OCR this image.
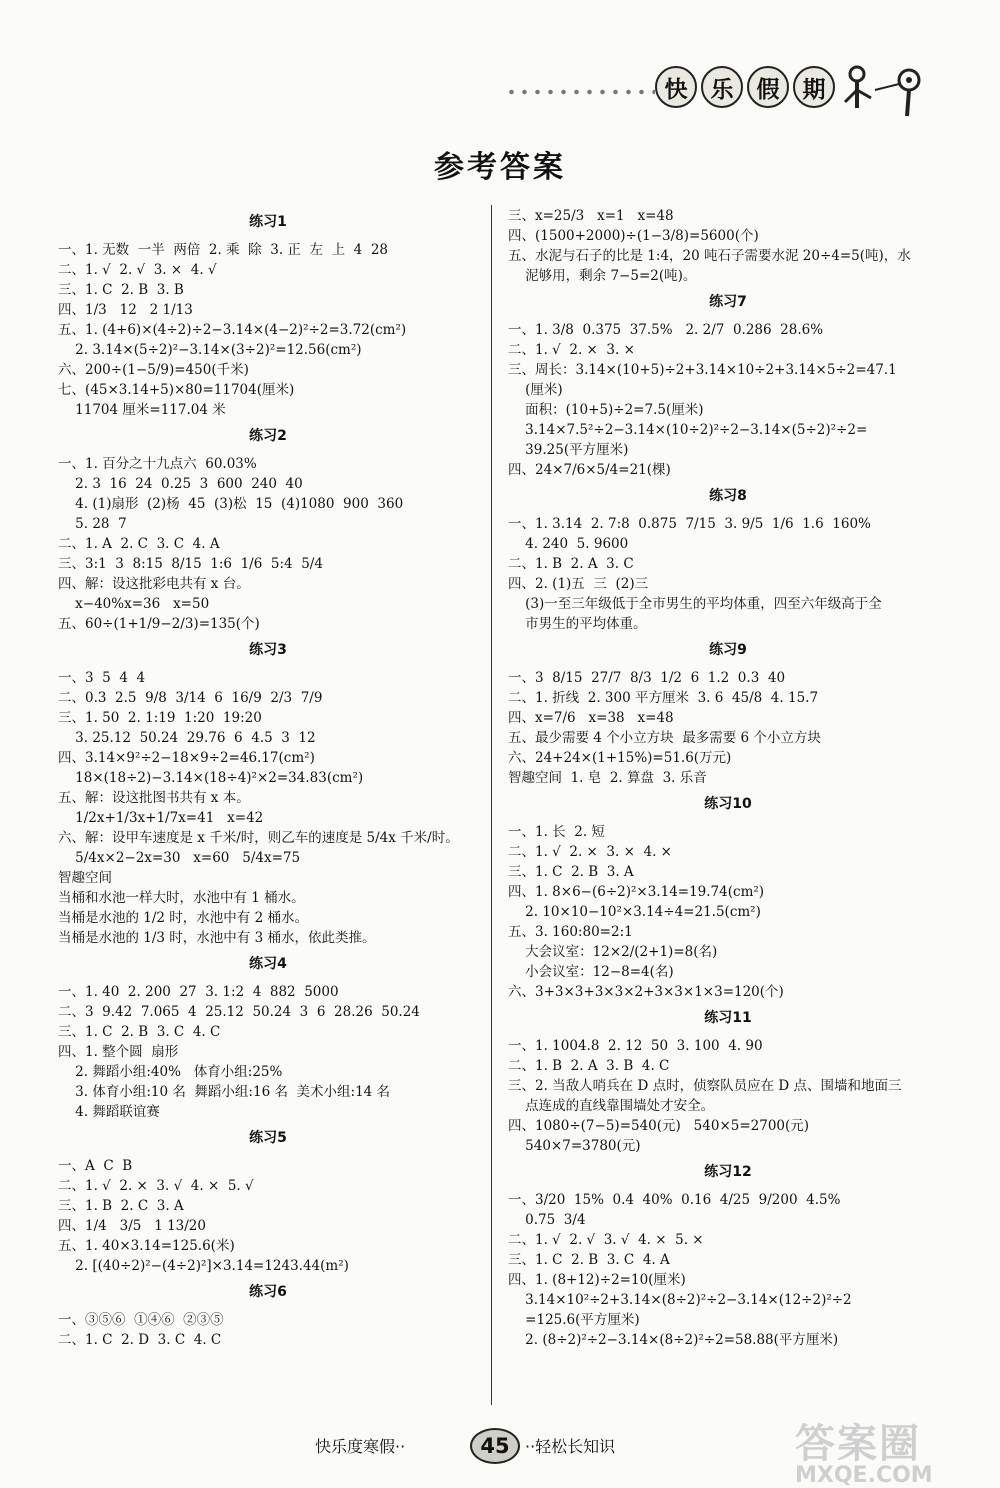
快	乐	假	期
参考答案
练习1
一、1. 无数  一半  两倍  2. 乘  除  3. 正  左  上  4  28
二、1. √  2. √  3. ×  4. √
三、1. C  2. B  3. B
四、1/3   12   2 1/13
五、1. (4+6)×(4÷2)÷2−3.14×(4−2)²÷2=3.72(cm²)
2. 3.14×(5÷2)²−3.14×(3÷2)²=12.56(cm²)
六、200÷(1−5/9)=450(千米)
七、(45×3.14+5)×80=11704(厘米)
11704 厘米=117.04 米
练习2
一、1. 百分之十九点六  60.03%
2. 3  16  24  0.25  3  600  240  40
4. (1)扇形  (2)杨  45  (3)松  15  (4)1080  900  360
5. 28  7
二、1. A  2. C  3. C  4. A
三、3:1  3  8:15  8/15  1:6  1/6  5:4  5/4
四、解：设这批彩电共有 x 台。
x−40%x=36   x=50
五、60÷(1+1/9−2/3)=135(个)
练习3
一、3  5  4  4
二、0.3  2.5  9/8  3/14  6  16/9  2/3  7/9
三、1. 50  2. 1:19  1:20  19:20
3. 25.12  50.24  29.76  6  4.5  3  12
四、3.14×9²÷2−18×9÷2=46.17(cm²)
18×(18÷2)−3.14×(18÷4)²×2=34.83(cm²)
五、解：设这批图书共有 x 本。
1/2x+1/3x+1/7x=41   x=42
六、解：设甲车速度是 x 千米/时，则乙车的速度是 5/4x 千米/时。
5/4x×2−2x=30   x=60   5/4x=75
智趣空间
当桶和水池一样大时，水池中有 1 桶水。
当桶是水池的 1/2 时，水池中有 2 桶水。
当桶是水池的 1/3 时，水池中有 3 桶水，依此类推。
练习4
一、1. 40  2. 200  27  3. 1:2  4  882  5000
二、3  9.42  7.065  4  25.12  50.24  3  6  28.26  50.24
三、1. C  2. B  3. C  4. C
四、1. 整个圆  扇形
2. 舞蹈小组:40%   体育小组:25%
3. 体育小组:10 名  舞蹈小组:16 名  美术小组:14 名
4. 舞蹈联谊赛
练习5
一、A  C  B
二、1. √  2. ×  3. √  4. ×  5. √
三、1. B  2. C  3. A
四、1/4   3/5   1 13/20
五、1. 40×3.14=125.6(米)
2. [(40÷2)²−(4÷2)²]×3.14=1243.44(m²)
练习6
一、③⑤⑥  ①④⑥  ②③⑤
二、1. C  2. D  3. C  4. C
三、x=25/3   x=1   x=48
四、(1500+2000)÷(1−3/8)=5600(个)
五、水泥与石子的比是 1:4，20 吨石子需要水泥 20÷4=5(吨)，水
泥够用，剩余 7−5=2(吨)。
练习7
一、1. 3/8  0.375  37.5%   2. 2/7  0.286  28.6%
二、1. √  2. ×  3. ×
三、周长：3.14×(10+5)÷2+3.14×10÷2+3.14×5÷2=47.1
(厘米)
面积：(10+5)÷2=7.5(厘米)
3.14×7.5²÷2−3.14×(10÷2)²÷2−3.14×(5÷2)²÷2=
39.25(平方厘米)
四、24×7/6×5/4=21(棵)
练习8
一、1. 3.14  2. 7:8  0.875  7/15  3. 9/5  1/6  1.6  160%
4. 240  5. 9600
二、1. B  2. A  3. C
四、2. (1)五  三  (2)三
(3)一至三年级低于全市男生的平均体重，四至六年级高于全
市男生的平均体重。
练习9
一、3  8/15  27/7  8/3  1/2  6  1.2  0.3  40
二、1. 折线  2. 300 平方厘米  3. 6  45/8  4. 15.7
四、x=7/6   x=38   x=48
五、最少需要 4 个小立方块  最多需要 6 个小立方块
六、24+24×(1+15%)=51.6(万元)
智趣空间  1. 皂  2. 算盘  3. 乐音
练习10
一、1. 长  2. 短
二、1. √  2. ×  3. ×  4. ×
三、1. C  2. B  3. A
四、1. 8×6−(6÷2)²×3.14=19.74(cm²)
2. 10×10−10²×3.14÷4=21.5(cm²)
五、3. 160:80=2:1
大会议室：12×2/(2+1)=8(名)
小会议室：12−8=4(名)
六、3+3×3+3×3×2+3×3×1×3=120(个)
练习11
一、1. 1004.8  2. 12  50  3. 100  4. 90
二、1. B  2. A  3. B  4. C
三、2. 当敌人哨兵在 D 点时，侦察队员应在 D 点、围墙和地面三
点连成的直线靠围墙处才安全。
四、1080÷(7−5)=540(元)   540×5=2700(元)
540×7=3780(元)
练习12
一、3/20  15%  0.4  40%  0.16  4/25  9/200  4.5%
0.75  3/4
二、1. √  2. √  3. √  4. ×  5. ×
三、1. C  2. B  3. C  4. A
四、1. (8+12)÷2=10(厘米)
3.14×10²÷2+3.14×(8÷2)²÷2−3.14×(12÷2)²÷2
=125.6(平方厘米)
2. (8÷2)²÷2−3.14×(8÷2)²÷2=58.88(平方厘米)
快乐度寒假··	45 ··轻松长知识	答案圈
MXQE.COM
